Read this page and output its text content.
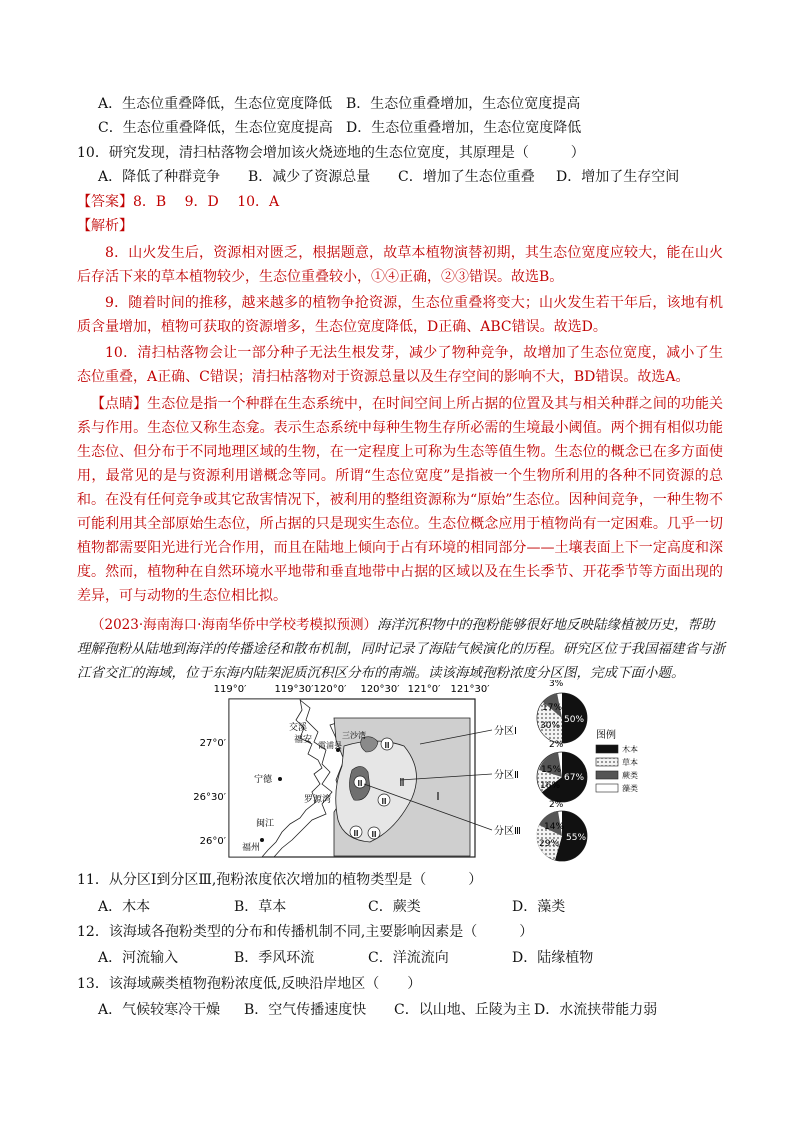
A．生态位重叠降低，生态位宽度降低 B．生态位重叠增加，生态位宽度提高
C．生态位重叠降低，生态位宽度提高 D．生态位重叠增加，生态位宽度降低
10．研究发现，清扫枯落物会增加该火烧迹地的生态位宽度，其原理是（　　　）
A．降低了种群竞争 B．减少了资源总量 C．增加了生态位重叠 D．增加了生存空间
【答案】8．B　 9．D　 10．A
【解析】
8．山火发生后，资源相对匮乏，根据题意，故草本植物演替初期，其生态位宽度应较大，能在山火后存活下来的草本植物较少，生态位重叠较小，①④正确，②③错误。故选B。
9．随着时间的推移，越来越多的植物争抢资源，生态位重叠将变大；山火发生若干年后，该地有机质含量增加，植物可获取的资源增多，生态位宽度降低，D正确、ABC错误。故选D。
10．清扫枯落物会让一部分种子无法生根发芽，减少了物种竞争，故增加了生态位宽度，减小了生态位重叠，A正确、C错误；清扫枯落物对于资源总量以及生存空间的影响不大，BD错误。故选A。
【点睛】生态位是指一个种群在生态系统中，在时间空间上所占据的位置及其与相关种群之间的功能关系与作用。生态位又称生态龛。表示生态系统中每种生物生存所必需的生境最小阈值。两个拥有相似功能生态位、但分布于不同地理区域的生物，在一定程度上可称为生态等值生物。生态位的概念已在多方面使用，最常见的是与资源利用谱概念等同。所谓“生态位宽度”是指被一个生物所利用的各种不同资源的总和。在没有任何竞争或其它敌害情况下，被利用的整组资源称为“原始”生态位。因种间竞争，一种生物不可能利用其全部原始生态位，所占据的只是现实生态位。生态位概念应用于植物尚有一定困难。几乎一切植物都需要阳光进行光合作用，而且在陆地上倾向于占有环境的相同部分——土壤表面上下一定高度和深度。然而，植物种在自然环境水平地带和垂直地带中占据的区域以及在生长季节、开花季节等方面出现的差异，可与动物的生态位相比拟。
（2023·海南海口·海南华侨中学校考模拟预测）海洋沉积物中的孢粉能够很好地反映陆缘植被历史，帮助理解孢粉从陆地到海洋的传播途径和散布机制，同时记录了海陆气候演化的历程。研究区位于我国福建省与浙江省交汇的海域，位于东海内陆架泥质沉积区分布的南端。读该海域孢粉浓度分区图，完成下面小题。
119°0′	119°30′ 120°0′ 120°30′ 121°0′ 121°30′
27°0′
26°30′
26°0′
Ⅲ
Ⅱ
Ⅰ
Ⅲ
Ⅲ Ⅲ
Ⅲ
交溪
福安
宁德
罗源湾
闽江
福州
霞浦县
三沙湾	分区Ⅰ
分区Ⅱ
分区Ⅲ
3%
17%
30%
50%
2%
15%
16%
67%
2%
14%
29%
55%
图例
木本
草本
蕨类
藻类
11．从分区Ⅰ到分区Ⅲ,孢粉浓度依次增加的植物类型是（　　　）
A．木本	B．草本	C．蕨类	D．藻类
12．该海域各孢粉类型的分布和传播机制不同,主要影响因素是（　　　）
A．河流输入	B．季风环流	C．洋流流向	D．陆缘植物
13．该海域蕨类植物孢粉浓度低,反映沿岸地区（　　）
A．气候较寒冷干燥 B．空气传播速度快 C．以山地、丘陵为主 D．水流挟带能力弱
